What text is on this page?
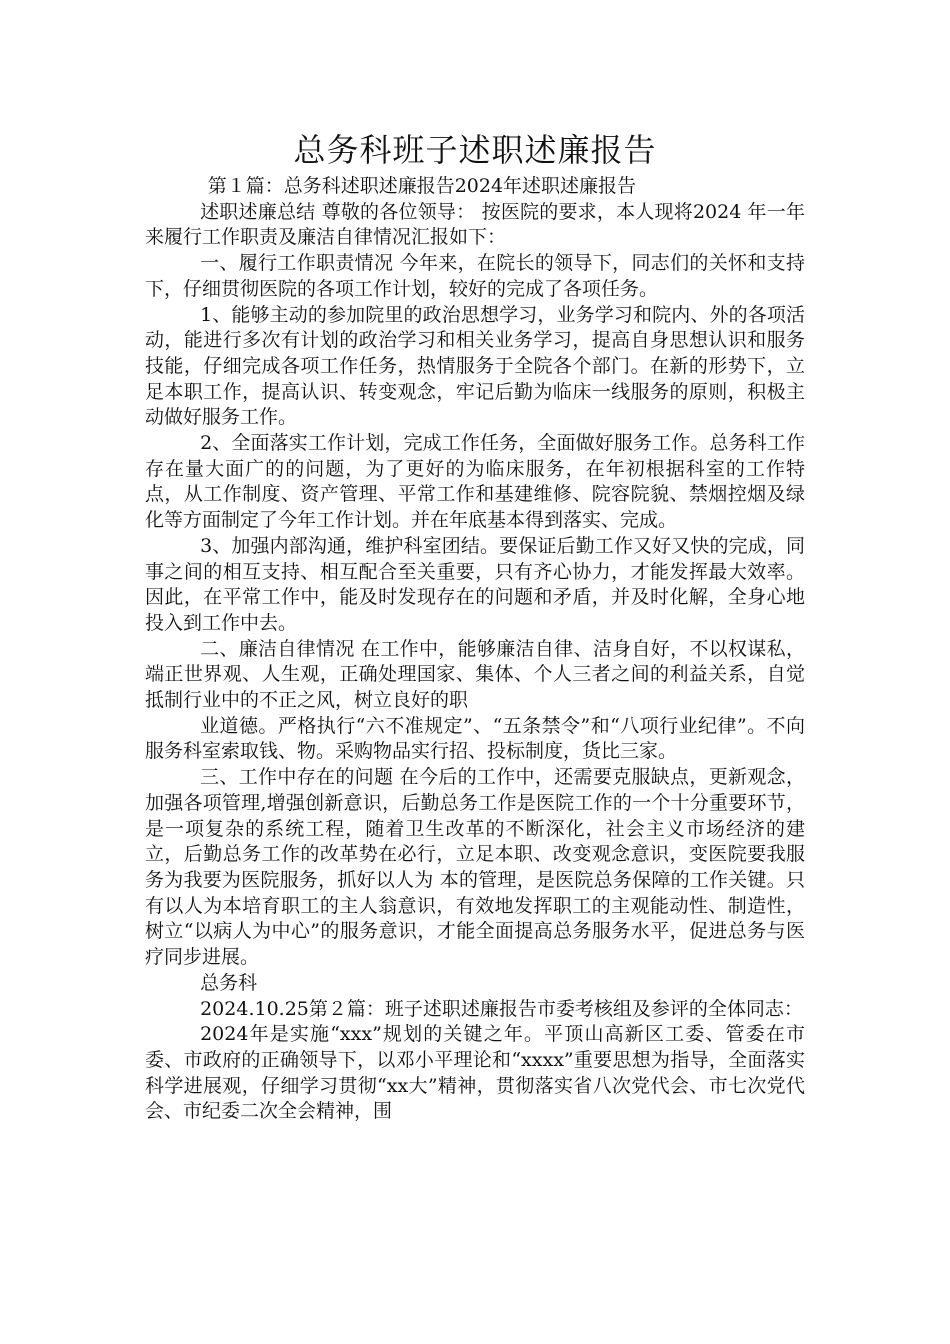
总务科班子述职述廉报告

第１篇：总务科述职述廉报告2024年述职述廉报告

述职述廉总结 尊敬的各位领导： 按医院的要求，本人现将2024 年一年来履行工作职责及廉洁自律情况汇报如下：

一、履行工作职责情况 今年来，在院长的领导下，同志们的关怀和支持下，仔细贯彻医院的各项工作计划，较好的完成了各项任务。

1、能够主动的参加院里的政治思想学习，业务学习和院内、外的各项活动，能进行多次有计划的政治学习和相关业务学习，提高自身思想认识和服务技能，仔细完成各项工作任务，热情服务于全院各个部门。在新的形势下，立足本职工作，提高认识、转变观念，牢记后勤为临床一线服务的原则，积极主动做好服务工作。

2、全面落实工作计划，完成工作任务，全面做好服务工作。总务科工作存在量大面广的的问题，为了更好的为临床服务，在年初根据科室的工作特点，从工作制度、资产管理、平常工作和基建维修、院容院貌、禁烟控烟及绿化等方面制定了今年工作计划。并在年底基本得到落实、完成。

3、加强内部沟通，维护科室团结。要保证后勤工作又好又快的完成，同事之间的相互支持、相互配合至关重要，只有齐心协力，才能发挥最大效率。因此，在平常工作中，能及时发现存在的问题和矛盾，并及时化解，全身心地投入到工作中去。

二、廉洁自律情况 在工作中，能够廉洁自律、洁身自好，不以权谋私，端正世界观、人生观，正确处理国家、集体、个人三者之间的利益关系，自觉抵制行业中的不正之风，树立良好的职

业道德。严格执行“六不准规定”、“五条禁令”和“八项行业纪律”。不向服务科室索取钱、物。采购物品实行招、投标制度，货比三家。

三、工作中存在的问题 在今后的工作中，还需要克服缺点，更新观念，加强各项管理,增强创新意识，后勤总务工作是医院工作的一个十分重要环节，是一项复杂的系统工程，随着卫生改革的不断深化，社会主义市场经济的建立，后勤总务工作的改革势在必行，立足本职、改变观念意识，变医院要我服务为我要为医院服务，抓好以人为 本的管理，是医院总务保障的工作关键。只有以人为本培育职工的主人翁意识，有效地发挥职工的主观能动性、制造性，树立“以病人为中心”的服务意识，才能全面提高总务服务水平，促进总务与医疗同步进展。

总务科

2024.10.25第２篇：班子述职述廉报告市委考核组及参评的全体同志：

2024年是实施“xxx”规划的关键之年。平顶山高新区工委、管委在市委、市政府的正确领导下，以邓小平理论和“xxxx”重要思想为指导，全面落实科学进展观，仔细学习贯彻“xx大”精神，贯彻落实省八次党代会、市七次党代会、市纪委二次全会精神，围
